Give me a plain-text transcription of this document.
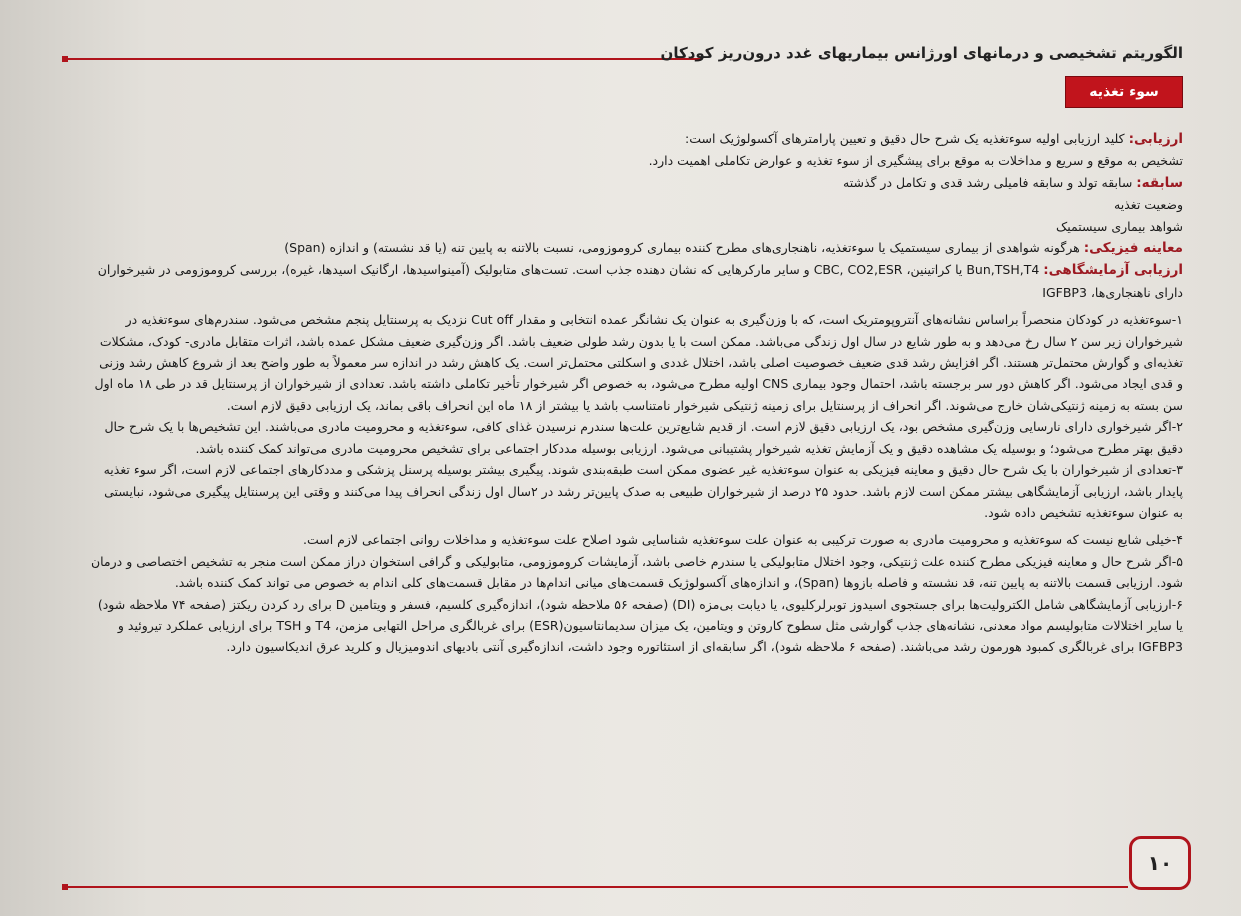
الگوریتم تشخیصی و درمانهای اورژانس بیماریهای غدد درون‌ریز کودکان
سوء تغذیه
ارزیابی: کلید ارزیابی اولیه سوءتغذیه یک شرح حال دقیق و تعیین پارامترهای آکسولوژیک است:
تشخیص به موقع و سریع و مداخلات به موقع برای پیشگیری از سوء تغذیه و عوارض تکاملی اهمیت دارد.
سابقه: سابقه تولد و سابقه فامیلی رشد قدی و تکامل در گذشته
وضعیت تغذیه
شواهد بیماری سیستمیک
معاینه فیزیکی: هرگونه شواهدی از بیماری سیستمیک یا سوءتغذیه، ناهنجاری‌های مطرح کننده بیماری کروموزومی، نسبت بالاتنه به پایین تنه (یا قد نشسته) و اندازه (Span)
ارزیابی آزمایشگاهی: Bun,TSH,T4 یا کراتینین، CBC, CO2,ESR و سایر مارکرهایی که نشان دهنده جذب است. تست‌های متابولیک (آمینواسیدها، ارگانیک اسیدها، غیره)، بررسی کروموزومی در شیرخواران
دارای ناهنجاری‌ها، IGFBP3
۱-سوءتغذیه در کودکان منحصراً براساس نشانه‌های آنتروپومتریک است، که با وزن‌گیری به عنوان یک نشانگر عمده انتخابی و مقدار Cut off نزدیک به پرسنتایل پنجم مشخص می‌شود. سندرم‌های سوءتغذیه در
شیرخواران زیر سن ۲ سال رخ می‌دهد و به طور شایع در سال اول زندگی می‌باشد. ممکن است با یا بدون رشد طولی ضعیف باشد. اگر وزن‌گیری ضعیف مشکل عمده باشد، اثرات متقابل مادری- کودک، مشکلات
تغذیه‌ای و گوارش محتمل‌تر هستند. اگر افزایش رشد قدی ضعیف خصوصیت اصلی باشد، اختلال غددی و اسکلتی محتمل‌تر است. یک کاهش رشد در اندازه سر معمولاً به طور واضح بعد از شروع کاهش رشد وزنی
و قدی ایجاد می‌شود. اگر کاهش دور سر برجسته باشد، احتمال وجود بیماری CNS اولیه مطرح می‌شود، به خصوص اگر شیرخوار تأخیر تکاملی داشته باشد. تعدادی از شیرخواران از پرسنتایل قد در طی ۱۸ ماه اول
سن بسته به زمینه ژنتیکی‌شان خارج می‌شوند. اگر انحراف از پرسنتایل برای زمینه ژنتیکی شیرخوار نامتناسب باشد یا بیشتر از ۱۸ ماه این انحراف باقی بماند، یک ارزیابی دقیق لازم است.
۲-اگر شیرخواری دارای نارسایی وزن‌گیری مشخص بود، یک ارزیابی دقیق لازم است. از قدیم شایع‌ترین علت‌ها سندرم نرسیدن غذای کافی، سوءتغذیه و محرومیت مادری می‌باشند. این تشخیص‌ها با یک شرح حال
دقیق بهتر مطرح می‌شود؛ و بوسیله یک مشاهده دقیق و یک آزمایش تغذیه شیرخوار پشتیبانی می‌شود. ارزیابی بوسیله مددکار اجتماعی برای تشخیص محرومیت مادری می‌تواند کمک کننده باشد.
۳-تعدادی از شیرخواران با یک شرح حال دقیق و معاینه فیزیکی به عنوان سوءتغذیه غیر عضوی ممکن است طبقه‌بندی شوند. پیگیری بیشتر بوسیله پرسنل پزشکی و مددکارهای اجتماعی لازم است، اگر سوء تغذیه
پایدار باشد، ارزیابی آزمایشگاهی بیشتر ممکن است لازم باشد. حدود ۲۵ درصد از شیرخواران طبیعی به صدک پایین‌تر رشد در ۲سال اول زندگی انحراف پیدا می‌کنند و وقتی این پرسنتایل پیگیری می‌شود، نبایستی
به عنوان سوءتغذیه تشخیص داده شود.
۴-خیلی شایع نیست که سوءتغذیه و محرومیت مادری به صورت ترکیبی به عنوان علت سوءتغذیه شناسایی شود اصلاح علت سوءتغذیه و مداخلات روانی اجتماعی لازم است.
۵-اگر شرح حال و معاینه فیزیکی مطرح کننده علت ژنتیکی، وجود اختلال متابولیکی یا سندرم خاصی باشد، آزمایشات کروموزومی، متابولیکی و گرافی استخوان دراز ممکن است منجر به تشخیص اختصاصی و درمان
شود. ارزیابی قسمت بالاتنه به پایین تنه، قد نشسته و فاصله بازوها (Span)، و اندازه‌های آکسولوژیک قسمت‌های میانی اندام‌ها در مقابل قسمت‌های کلی اندام به خصوص می تواند کمک کننده باشد.
۶-ارزیابی آزمایشگاهی شامل الکترولیت‌ها برای جستجوی اسیدوز توبرلرکلیوی، یا دیابت بی‌مزه (DI) (صفحه ۵۶ ملاحظه شود)، اندازه‌گیری کلسیم، فسفر و ویتامین D برای رد کردن ریکتز (صفحه ۷۴ ملاحظه شود)
یا سایر اختلالات متابولیسم مواد معدنی، نشانه‌های جذب گوارشی مثل سطوح کاروتن و ویتامین، یک میزان سدیمانتاسیون(ESR) برای غربالگری مراحل التهابی مزمن، T4 و TSH برای ارزیابی عملکرد تیروئید و
IGFBP3 برای غربالگری کمبود هورمون رشد می‌باشند. (صفحه ۶ ملاحظه شود)، اگر سابقه‌ای از استئاتوره وجود داشت، اندازه‌گیری آنتی بادیهای اندومیزیال و کلرید عرق اندیکاسیون دارد.
۱۰
